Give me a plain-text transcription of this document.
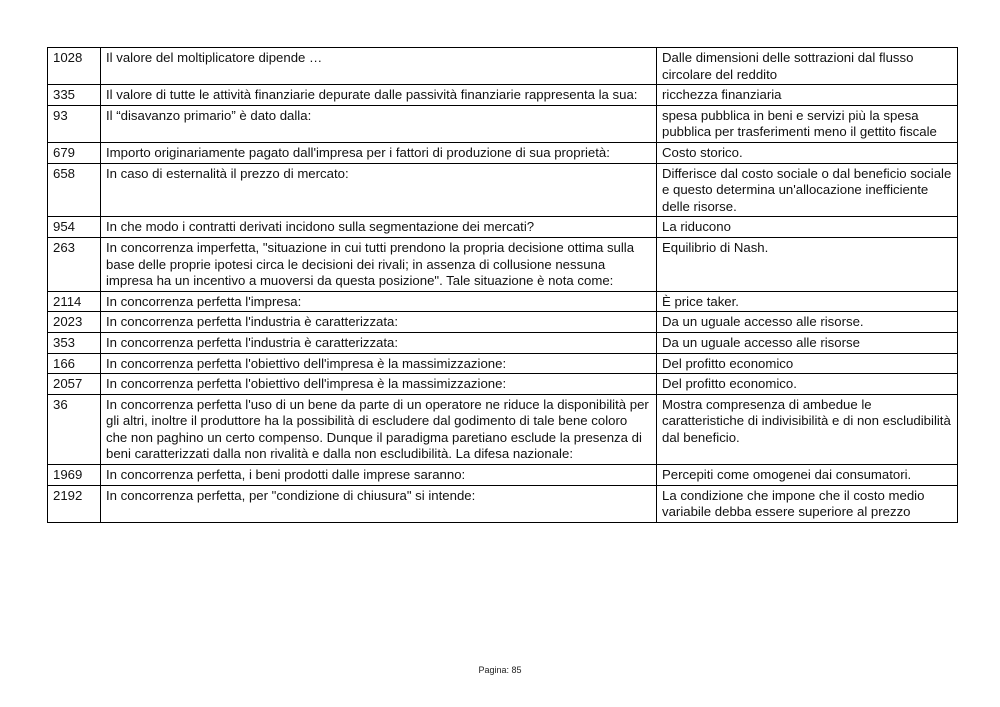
1028	Il valore del moltiplicatore dipende …	Dalle dimensioni delle sottrazioni dal flusso circolare del reddito
335	Il valore di tutte le attività finanziarie depurate dalle passività finanziarie rappresenta la sua:	ricchezza finanziaria
93	Il “disavanzo primario” è dato dalla:	spesa pubblica in beni e servizi più la spesa pubblica per trasferimenti meno il gettito fiscale
679	Importo originariamente pagato dall'impresa per i fattori di produzione di sua proprietà:	Costo storico.
658	In caso di esternalità il prezzo di mercato:	Differisce dal costo sociale o dal beneficio sociale e questo determina un'allocazione inefficiente delle risorse.
954	In che modo i contratti derivati incidono sulla segmentazione dei mercati?	La riducono
263	In concorrenza imperfetta, "situazione in cui tutti prendono la propria decisione ottima sulla base delle proprie ipotesi circa le decisioni dei rivali; in assenza di collusione nessuna impresa ha un incentivo a muoversi da questa posizione". Tale situazione è nota come:	Equilibrio di Nash.
2114	In concorrenza perfetta l'impresa:	È price taker.
2023	In concorrenza perfetta l'industria è caratterizzata:	Da un uguale accesso alle risorse.
353	In concorrenza perfetta l'industria è caratterizzata:	Da un uguale accesso alle risorse
166	In concorrenza perfetta l'obiettivo dell'impresa è la massimizzazione:	Del profitto economico
2057	In concorrenza perfetta l'obiettivo dell'impresa è la massimizzazione:	Del profitto economico.
36	In concorrenza perfetta l'uso di un bene da parte di un operatore ne riduce la disponibilità per gli altri, inoltre il produttore ha la possibilità di escludere dal godimento di tale bene coloro che non paghino un certo compenso. Dunque il paradigma paretiano esclude la presenza di beni caratterizzati dalla non rivalità e dalla non escludibilità. La difesa nazionale:	Mostra compresenza di ambedue le caratteristiche di indivisibilità e di non escludibilità dal beneficio.
1969	In concorrenza perfetta, i beni prodotti dalle imprese saranno:	Percepiti come omogenei dai consumatori.
2192	In concorrenza perfetta, per "condizione di chiusura" si intende:	La condizione che impone che il costo medio variabile debba essere superiore al prezzo
Pagina: 85
